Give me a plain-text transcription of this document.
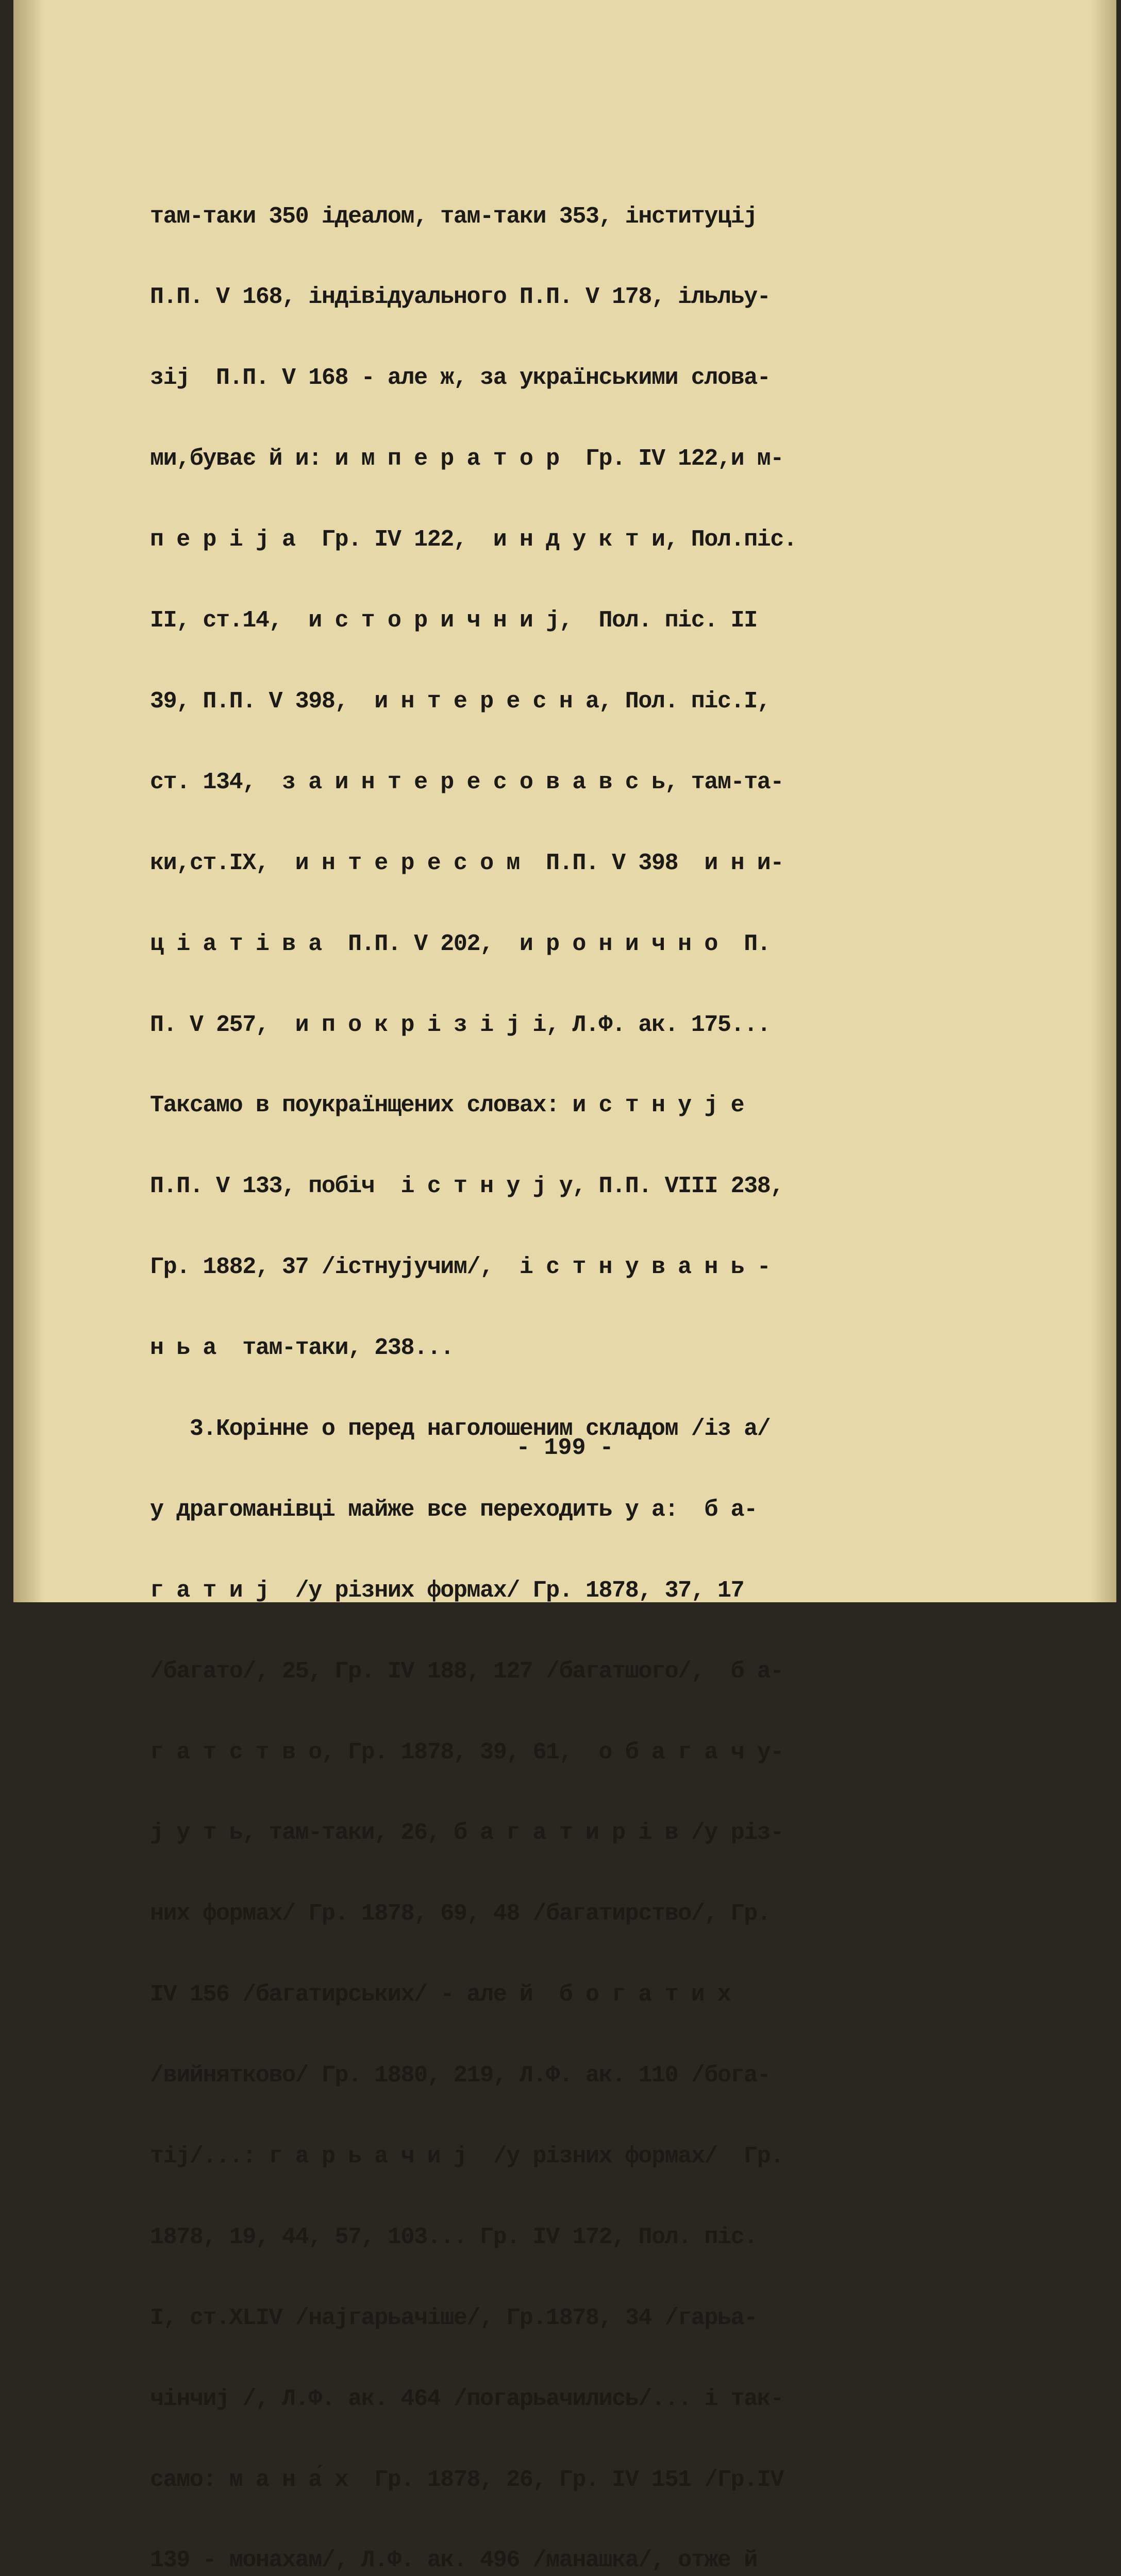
там-таки 350 ідеалом, там-таки 353, інституцiј

П.П. V 168, індівідуального П.П. V 178, ільльу-

зіј  П.П. V 168 - але ж, за українськими слова-

ми,буває й и: и м п е р а т о р  Гр. IV 122,и м-

п е р і ј а  Гр. IV 122,  и н д у к т и, Пол.піс.

II, ст.14,  и с т о р и ч н и ј,  Пол. піс. II

39, П.П. V 398,  и н т е р е с н а, Пол. піс.I,

ст. 134,  з а и н т е р е с о в а в с ь, там-та-

ки,ст.IX,  и н т е р е с о м  П.П. V 398  и н и-

ц і а т і в а  П.П. V 202,  и р о н и ч н о  П.

П. V 257,  и п о к р і з і ј і, Л.Ф. ак. 175...

Таксамо в поукраїнщених словах: и с т н у ј е

П.П. V 133, побіч  і с т н у ј у, П.П. VIII 238,

Гр. 1882, 37 /істнујучим/,  і с т н у в а н ь -

н ь а  там-таки, 238...

3.Корінне о перед наголошеним складом /із а/

у драгоманівці майже все переходить у а:  б а-

г а т и ј  /у різних формах/ Гр. 1878, 37, 17

/багато/, 25, Гр. IV 188, 127 /багатшого/,  б а-

г а т с т в о, Гр. 1878, 39, 61,  о б а г а ч у-

ј у т ь, там-таки, 26, б а г а т и р і в /у різ-

них формах/ Гр. 1878, 69, 48 /багатирство/, Гр.

IV 156 /багатирських/ - але й  б о г а т и х

/вийнятково/ Гр. 1880, 219, Л.Ф. ак. 110 /бога-

тіј/...: г а р ь а ч и ј  /у різних формах/  Гр.

1878, 19, 44, 57, 103... Гр. IV 172, Пол. піс.

I, ст.XLIV /најгарьачіше/, Гр.1878, 34 /гарьа-

чінчиј /, Л.Ф. ак. 464 /погарьачились/... і так-

само: м а н а́ х  Гр. 1878, 26, Гр. IV 151 /Гр.IV

139 - монахам/, Л.Ф. ак. 496 /манашка/, отже й

- 199 -
